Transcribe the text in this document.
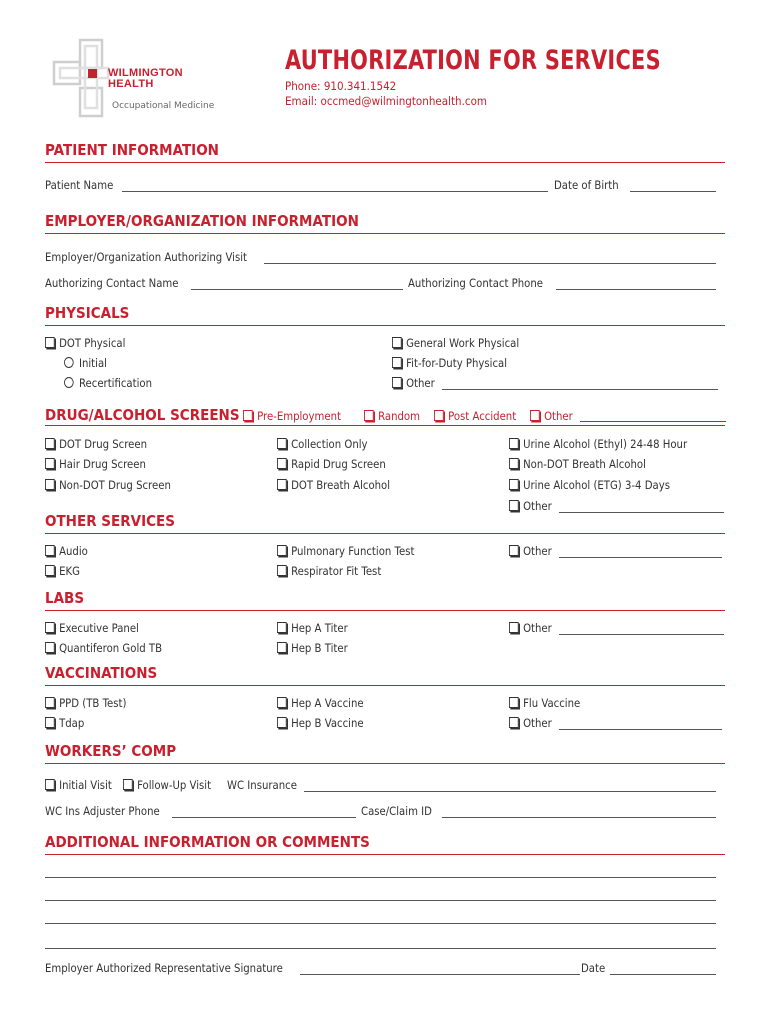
WILMINGTON
HEALTH
Occupational Medicine
AUTHORIZATION FOR SERVICES
Phone: 910.341.1542
Email: occmed@wilmingtonhealth.com
PATIENT INFORMATION
Patient Name	Date of Birth
EMPLOYER/ORGANIZATION INFORMATION
Employer/Organization Authorizing Visit
Authorizing Contact Name	Authorizing Contact Phone
PHYSICALS
DOT Physical
Initial
Recertification
General Work Physical
Fit-for-Duty Physical
Other
DRUG/ALCOHOL SCREENS	Pre-Employment	Random	Post Accident	Other
DOT Drug Screen
Hair Drug Screen
Non-DOT Drug Screen
Collection Only
Rapid Drug Screen
DOT Breath Alcohol
Urine Alcohol (Ethyl) 24-48 Hour
Non-DOT Breath Alcohol
Urine Alcohol (ETG) 3-4 Days
Other
OTHER SERVICES
Audio
EKG
Pulmonary Function Test
Respirator Fit Test
Other
LABS
Executive Panel
Quantiferon Gold TB
Hep A Titer
Hep B Titer
Other
VACCINATIONS
PPD (TB Test)
Tdap
Hep A Vaccine
Hep B Vaccine
Flu Vaccine
Other
WORKERS’ COMP
Initial Visit	Follow-Up Visit WC Insurance
WC Ins Adjuster Phone	Case/Claim ID
ADDITIONAL INFORMATION OR COMMENTS
Employer Authorized Representative Signature	Date
